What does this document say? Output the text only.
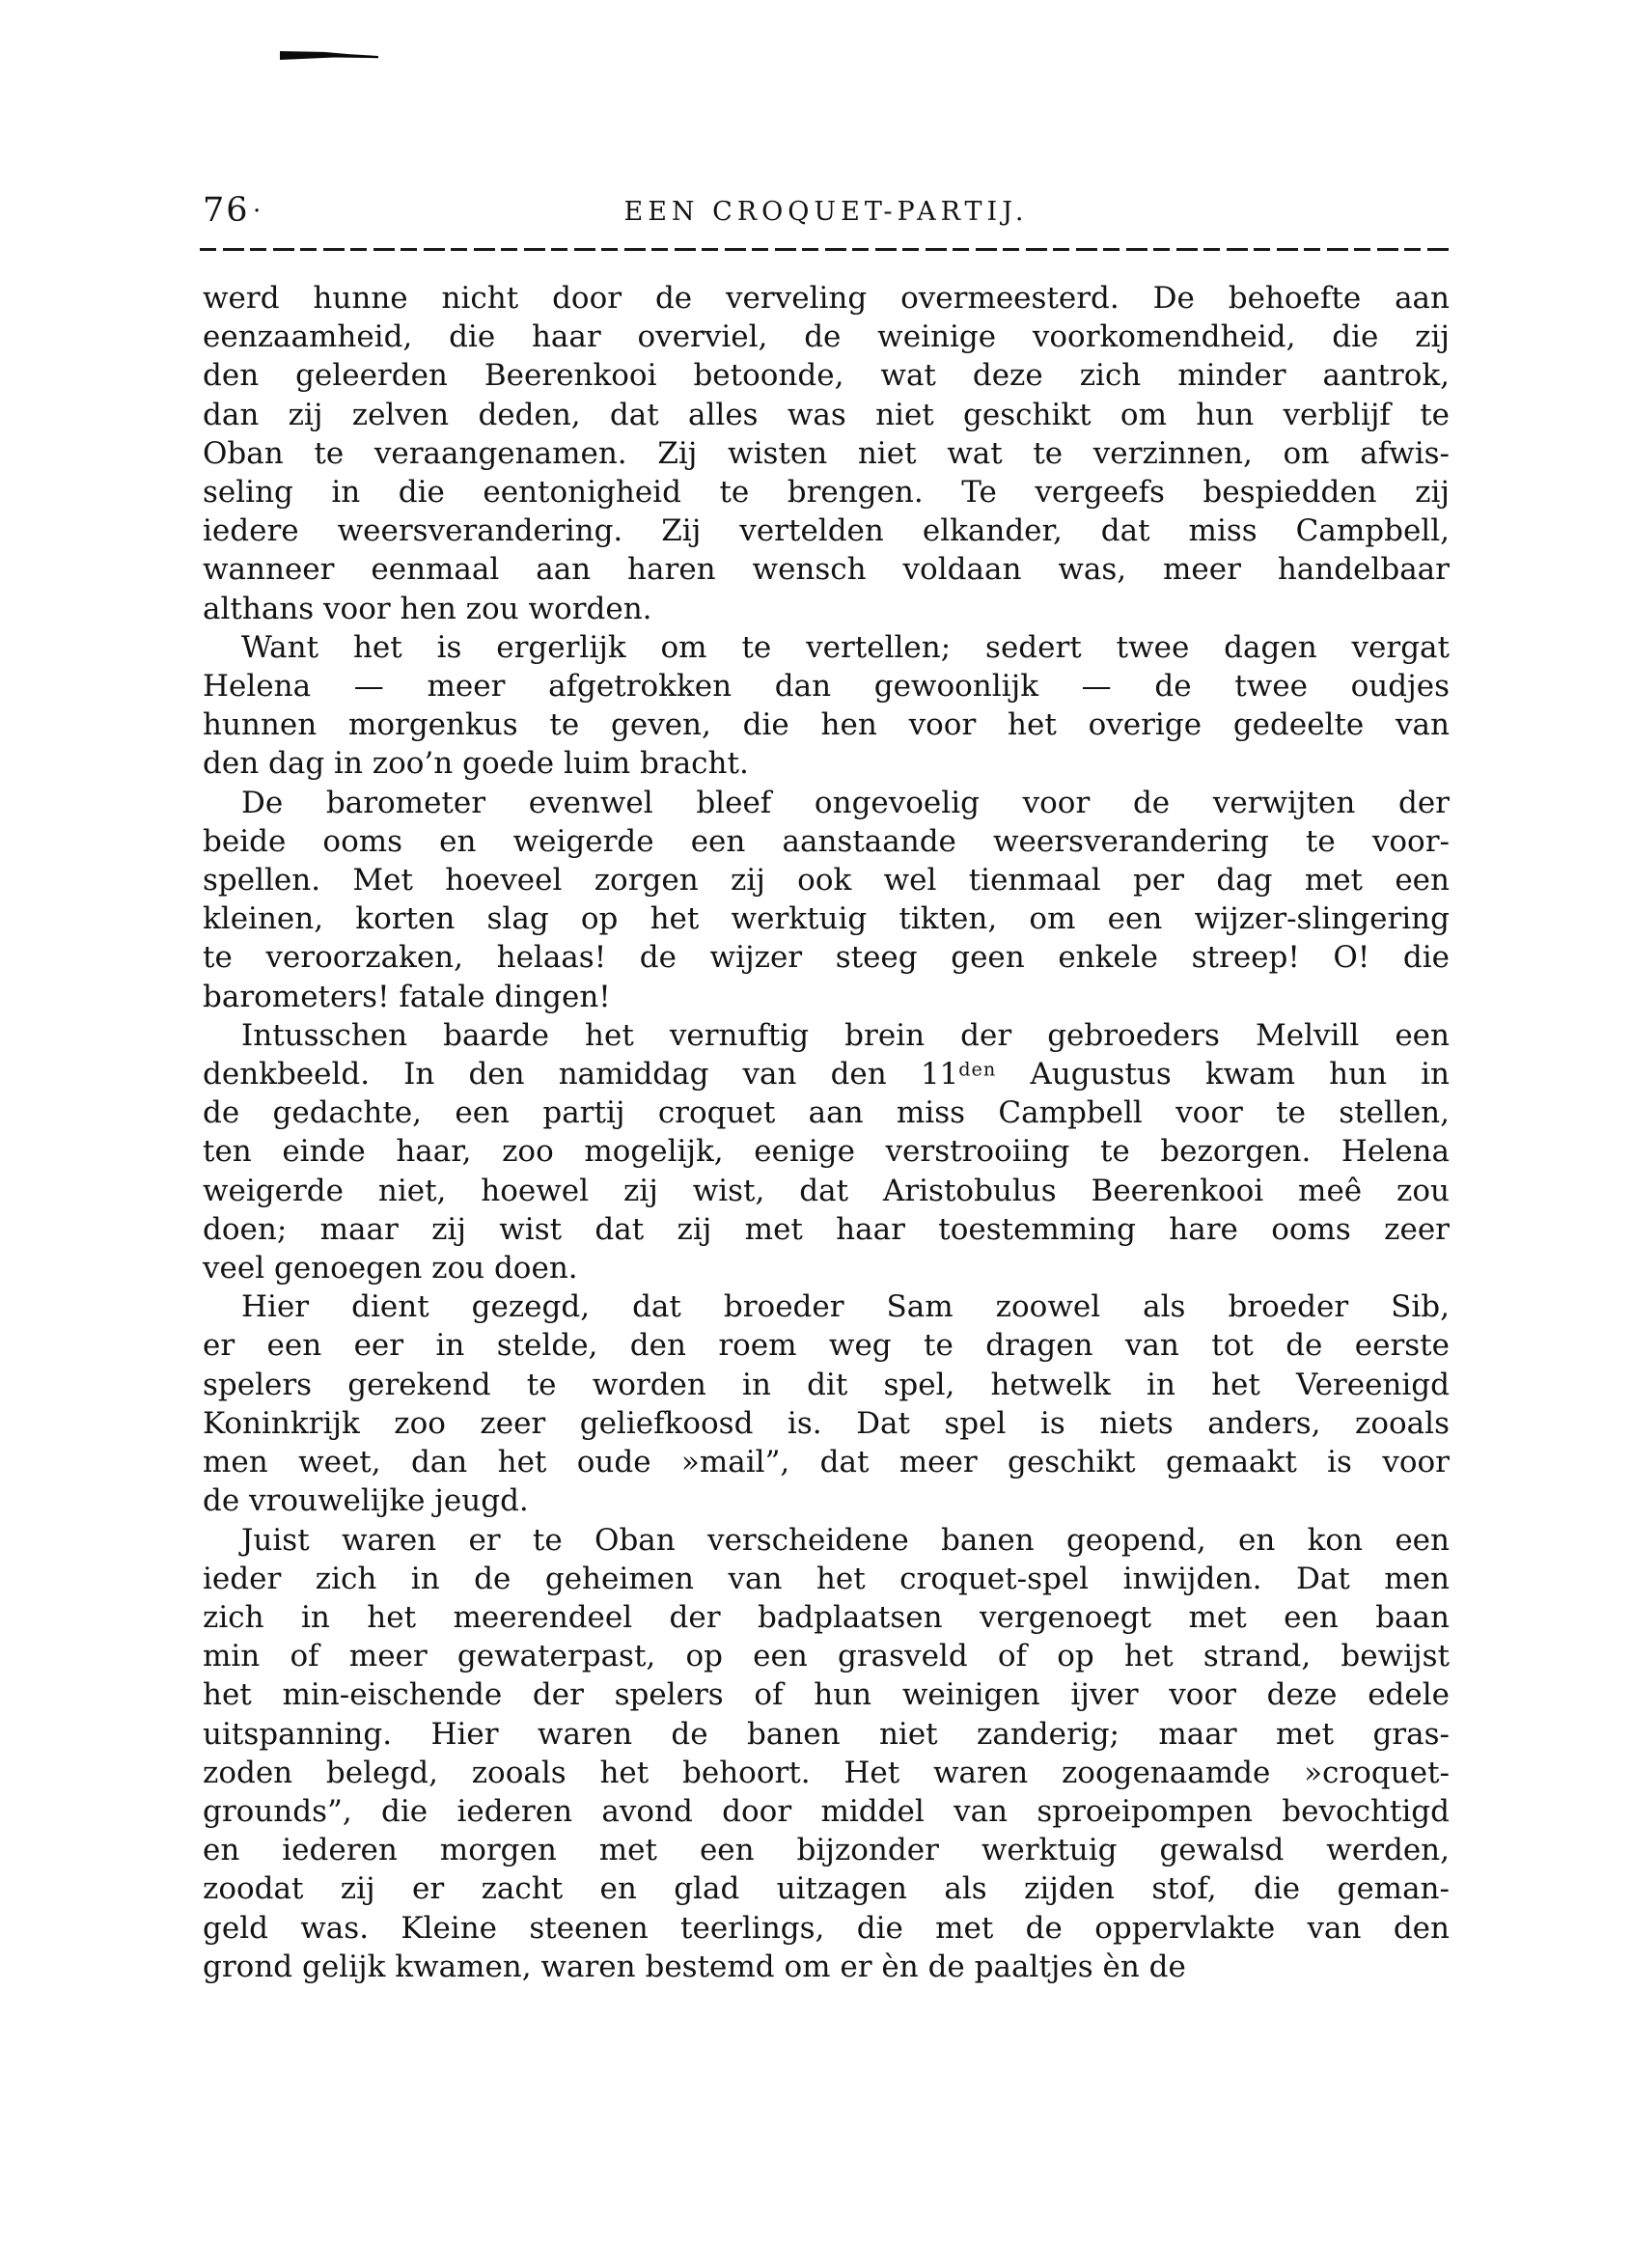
76 ·	EEN CROQUET-PARTIJ.
werd hunne nicht door de verveling overmeesterd. De behoefte aan
eenzaamheid, die haar overviel, de weinige voorkomendheid, die zij
den geleerden Beerenkooi betoonde, wat deze zich minder aantrok,
dan zij zelven deden, dat alles was niet geschikt om hun verblijf te
Oban te veraangenamen. Zij wisten niet wat te verzinnen, om afwis-
seling in die eentonigheid te brengen. Te vergeefs bespiedden zij
iedere weersverandering. Zij vertelden elkander, dat miss Campbell,
wanneer eenmaal aan haren wensch voldaan was, meer handelbaar
althans voor hen zou worden.
Want het is ergerlijk om te vertellen; sedert twee dagen vergat
Helena — meer afgetrokken dan gewoonlijk — de twee oudjes
hunnen morgenkus te geven, die hen voor het overige gedeelte van
den dag in zoo’n goede luim bracht.
De barometer evenwel bleef ongevoelig voor de verwijten der
beide ooms en weigerde een aanstaande weersverandering te voor-
spellen. Met hoeveel zorgen zij ook wel tienmaal per dag met een
kleinen, korten slag op het werktuig tikten, om een wijzer-slingering
te veroorzaken, helaas! de wijzer steeg geen enkele streep! O! die
barometers! fatale dingen!
Intusschen baarde het vernuftig brein der gebroeders Melvill een
denkbeeld. In den namiddag van den $11^{den}$ Augustus kwam hun in
de gedachte, een partij croquet aan miss Campbell voor te stellen,
ten einde haar, zoo mogelijk, eenige verstrooiing te bezorgen. Helena
weigerde niet, hoewel zij wist, dat Aristobulus Beerenkooi meê zou
doen; maar zij wist dat zij met haar toestemming hare ooms zeer
veel genoegen zou doen.
Hier dient gezegd, dat broeder Sam zoowel als broeder Sib,
er een eer in stelde, den roem weg te dragen van tot de eerste
spelers gerekend te worden in dit spel, hetwelk in het Vereenigd
Koninkrijk zoo zeer geliefkoosd is. Dat spel is niets anders, zooals
men weet, dan het oude »mail”, dat meer geschikt gemaakt is voor
de vrouwelijke jeugd.
Juist waren er te Oban verscheidene banen geopend, en kon een
ieder zich in de geheimen van het croquet-spel inwijden. Dat men
zich in het meerendeel der badplaatsen vergenoegt met een baan
min of meer gewaterpast, op een grasveld of op het strand, bewijst
het min-eischende der spelers of hun weinigen ijver voor deze edele
uitspanning. Hier waren de banen niet zanderig; maar met gras-
zoden belegd, zooals het behoort. Het waren zoogenaamde »croquet-
grounds”, die iederen avond door middel van sproeipompen bevochtigd
en iederen morgen met een bijzonder werktuig gewalsd werden,
zoodat zij er zacht en glad uitzagen als zijden stof, die geman-
geld was. Kleine steenen teerlings, die met de oppervlakte van den
grond gelijk kwamen, waren bestemd om er èn de paaltjes èn de
